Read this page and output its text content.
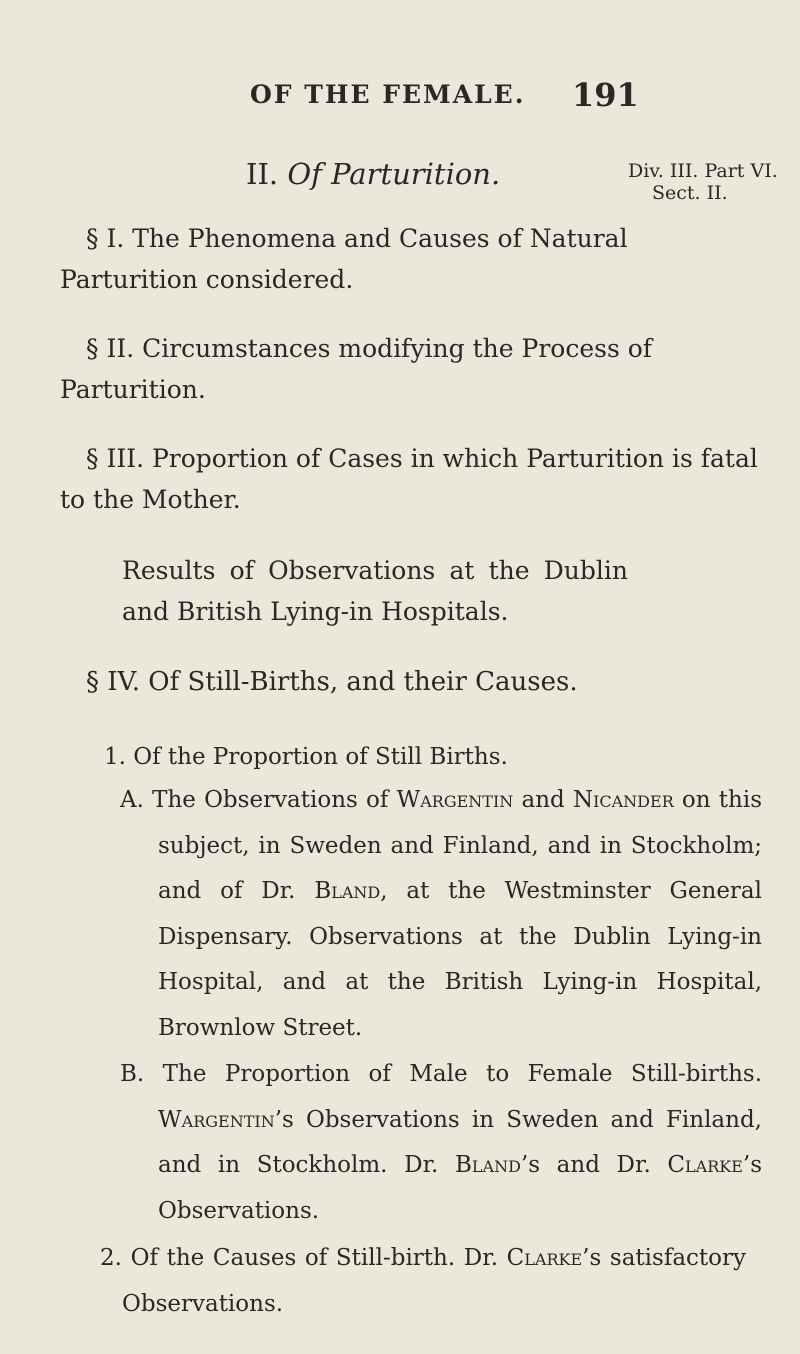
OF THE FEMALE. 191
II. Of Parturition.	Div. III. Part VI.
Sect. II.
§ I. The Phenomena and Causes of Natural Parturition considered.
§ II. Circumstances modifying the Process of Parturition.
§ III. Proportion of Cases in which Parturition is fatal to the Mother.
Results of Observations at the Dublin and British Lying-in Hospitals.
§ IV. Of Still-Births, and their Causes.
1. Of the Proportion of Still Births.
A. The Observations of Wargentin and Nicander on this subject, in Sweden and Finland, and in Stockholm; and of Dr. Bland, at the Westminster General Dispensary. Observations at the Dublin Lying-in Hospital, and at the British Lying-in Hospital, Brownlow Street.
B. The Proportion of Male to Female Still-births. Wargentin’s Observations in Sweden and Finland, and in Stockholm. Dr. Bland’s and Dr. Clarke’s Observations.
2. Of the Causes of Still-birth. Dr. Clarke’s satisfactory Observations.
